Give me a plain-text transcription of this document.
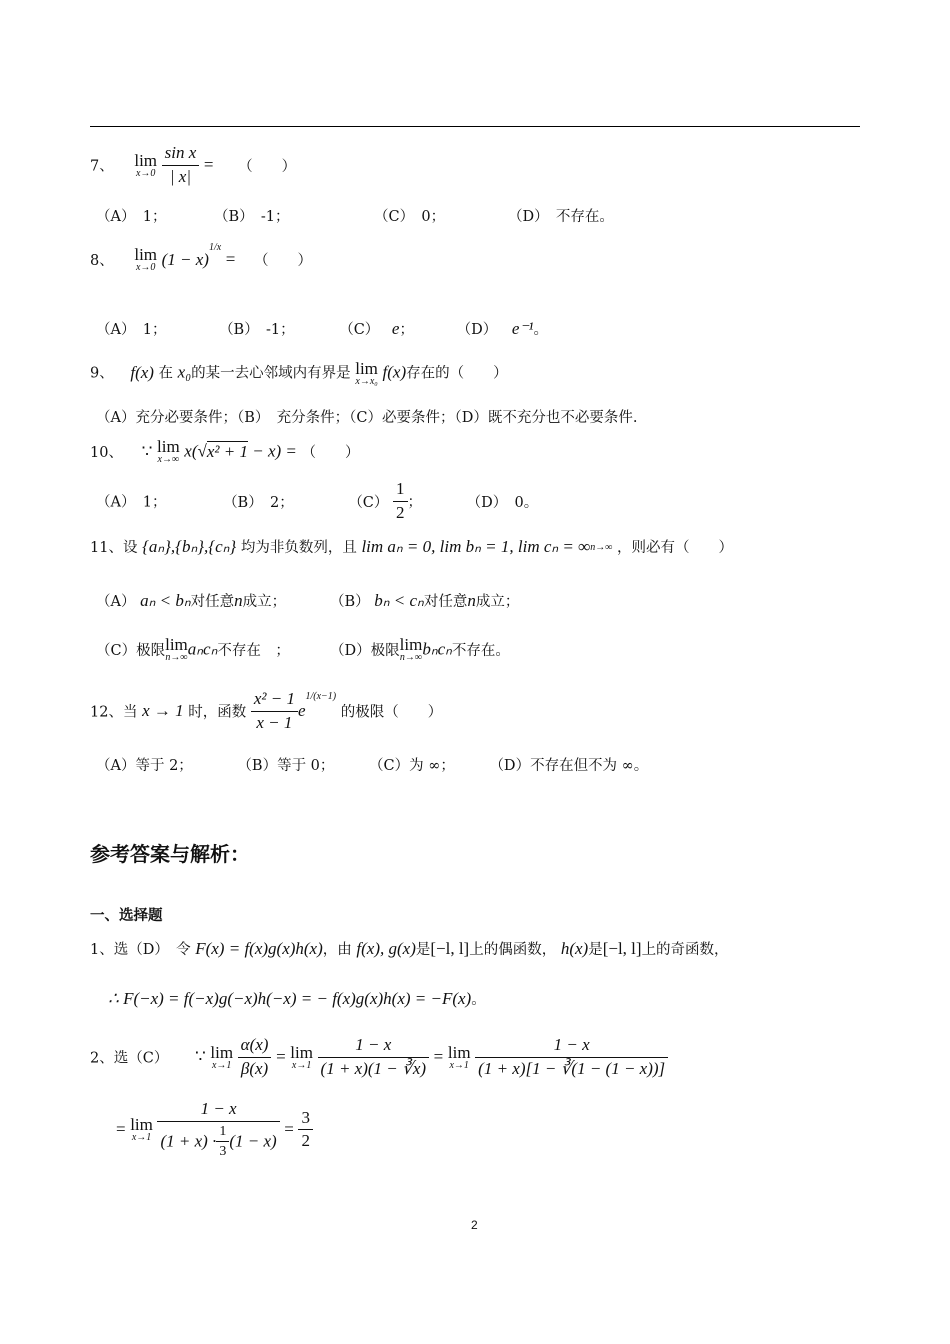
7、 lim
x→0
$\frac{\text{sin x}}{| x|}$ = （　　）
（A）　1；	（B）　-1；	（C）　0；	（D）　不存在。
8、 lim
x→0 $(1 - x)^{1/x}$ = （　　）
（A）　1；	（B）　-1；	（C） e；	（D） e⁻¹。
9、 f(x) 在 x₀的某一去心邻域内有界是 lim
x→x₀ f(x)存在的（　　）
（A）充分必要条件；（B）　充分条件；（C）必要条件；（D）既不充分也不必要条件.
10、 ∵ lim
x→∞ x(√x² + 1 − x) = （　　）
（A）　1；	（B）　2；	$(C) \frac{1}{2}$ ；	（D）　0。
11、设 {aₙ},{bₙ},{cₙ} 均为非负数列，且 lim aₙ = 0, lim bₙ = 1, lim cₙ = ∞ n→∞ ，则必有（　　）
（A） aₙ < bₙ对任意n成立；	（B） bₙ < cₙ对任意n成立；
（C）极限 lim
n→∞ aₙcₙ不存在　；	（D）极限 lim
n→∞ bₙcₙ不存在。
12、当 x → 1 时，函数 $\frac{\text{x² − 1}}{x - 1} e^{1/(x-1)}$ 的极限（　　）
（A）等于 2；	（B）等于 0； （C）为 ∞； （D）不存在但不为 ∞。
参考答案与解析：
一、选择题
1、选（D）　令 F(x) = f(x)g(x)h(x)，由 f(x), g(x)是[−l, l]上的偶函数， h(x)是[−l, l]上的奇函数，
∴ F(−x) = f(−x)g(−x)h(−x) = − f(x)g(x)h(x) = −F(x)。
2、选（C） ∵ lim
x→1
$\frac{\alpha(x)}{\beta(x)} = \lim$
x→1
$\frac{1 - x}{(1 + x)(1 - ∛x)} = \lim$
x→1
$\frac{1 - x}{(1 + x)[1 - ∛(1 - (1 - x))]}$
= lim
x→1
$\frac{1 - x}{(1 + x) \cdot \frac{1}{3} (1 - x)} = \frac{3}{2}$
2
